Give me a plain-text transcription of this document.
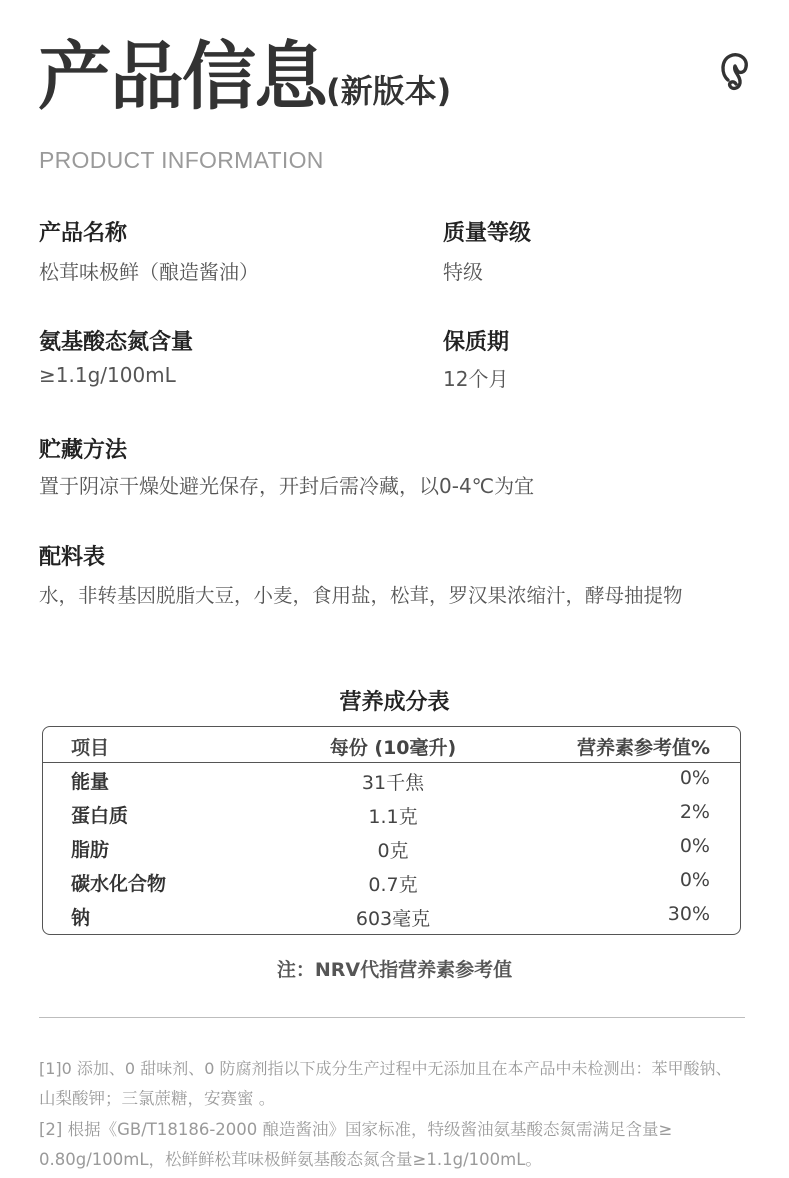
产品信息(新版本)
PRODUCT INFORMATION
产品名称
松茸味极鲜（酿造酱油）
质量等级
特级
氨基酸态氮含量
≥1.1g/100mL
保质期
12个月
贮藏方法
置于阴凉干燥处避光保存，开封后需冷藏，以0-4℃为宜
配料表
水，非转基因脱脂大豆，小麦，食用盐，松茸，罗汉果浓缩汁，酵母抽提物
营养成分表
项目	每份 (10毫升)	营养素参考值%
能量	31千焦	0%
蛋白质	1.1克	2%
脂肪	0克	0%
碳水化合物	0.7克	0%
钠	603毫克	30%
注：NRV代指营养素参考值
[1]0 添加、0 甜味剂、0 防腐剂指以下成分生产过程中无添加且在本产品中未检测出：苯甲酸钠、
山梨酸钾；三氯蔗糖，安赛蜜 。
[2] 根据《GB/T18186-2000 酿造酱油》国家标准，特级酱油氨基酸态氮需满足含量≥
0.80g/100mL，松鲜鲜松茸味极鲜氨基酸态氮含量≥1.1g/100mL。
